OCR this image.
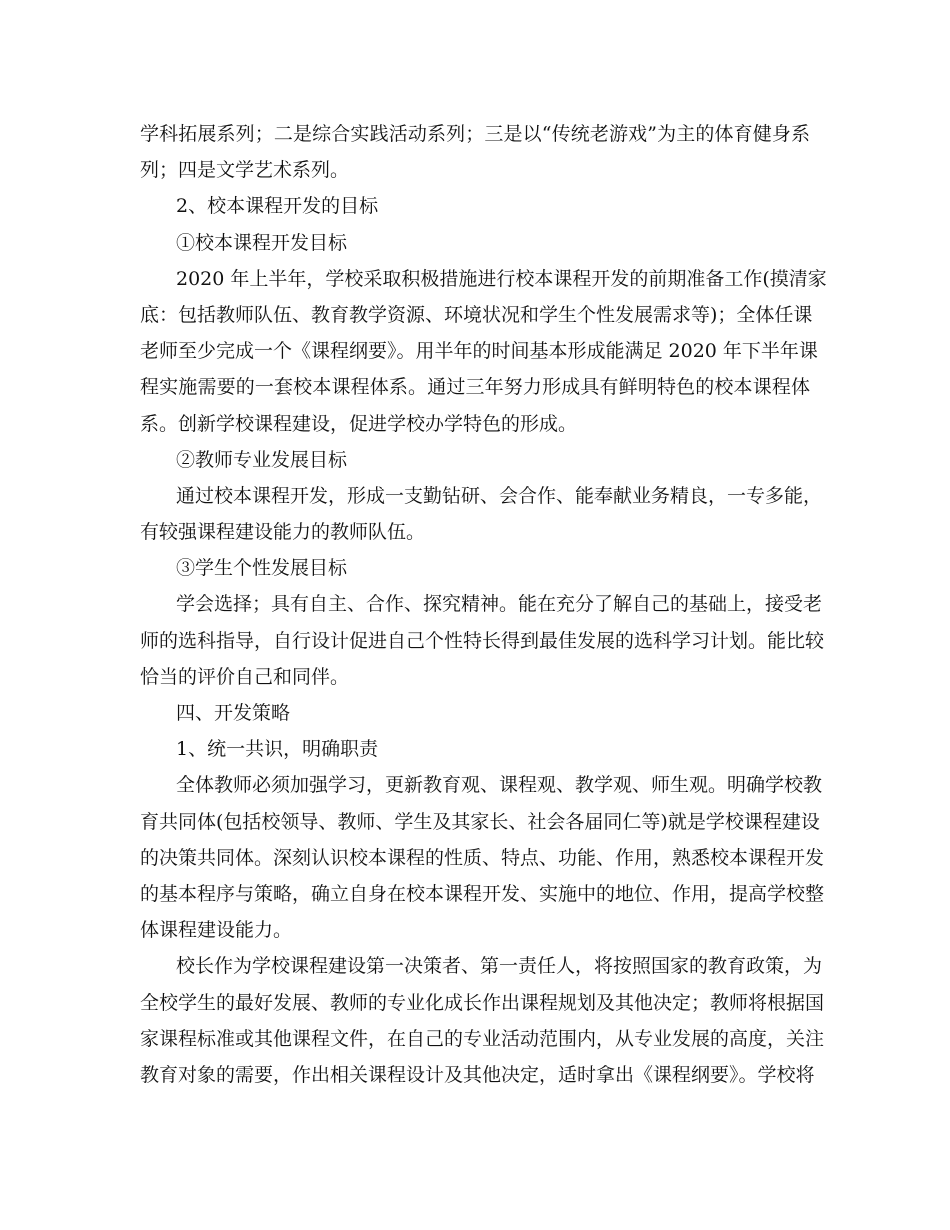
学科拓展系列；二是综合实践活动系列；三是以“传统老游戏”为主的体育健身系
列；四是文学艺术系列。
2、校本课程开发的目标
①校本课程开发目标
2020 年上半年，学校采取积极措施进行校本课程开发的前期准备工作(摸清家
底：包括教师队伍、教育教学资源、环境状况和学生个性发展需求等)；全体任课
老师至少完成一个《课程纲要》。用半年的时间基本形成能满足 2020 年下半年课
程实施需要的一套校本课程体系。通过三年努力形成具有鲜明特色的校本课程体
系。创新学校课程建设，促进学校办学特色的形成。
②教师专业发展目标
通过校本课程开发，形成一支勤钻研、会合作、能奉献业务精良，一专多能，
有较强课程建设能力的教师队伍。
③学生个性发展目标
学会选择；具有自主、合作、探究精神。能在充分了解自己的基础上，接受老
师的选科指导，自行设计促进自己个性特长得到最佳发展的选科学习计划。能比较
恰当的评价自己和同伴。
四、开发策略
1、统一共识，明确职责
全体教师必须加强学习，更新教育观、课程观、教学观、师生观。明确学校教
育共同体(包括校领导、教师、学生及其家长、社会各届同仁等)就是学校课程建设
的决策共同体。深刻认识校本课程的性质、特点、功能、作用，熟悉校本课程开发
的基本程序与策略，确立自身在校本课程开发、实施中的地位、作用，提高学校整
体课程建设能力。
校长作为学校课程建设第一决策者、第一责任人，将按照国家的教育政策，为
全校学生的最好发展、教师的专业化成长作出课程规划及其他决定；教师将根据国
家课程标准或其他课程文件，在自己的专业活动范围内，从专业发展的高度，关注
教育对象的需要，作出相关课程设计及其他决定，适时拿出《课程纲要》。学校将
